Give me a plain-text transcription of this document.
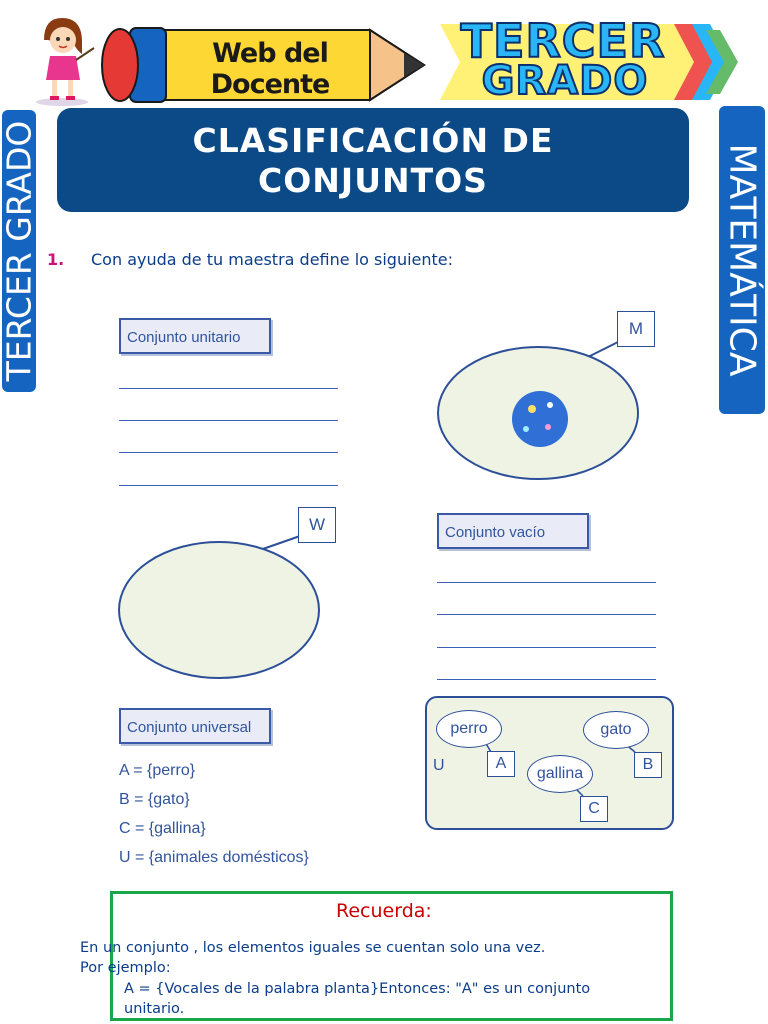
Web del Docente
TERCER
GRADO
TERCER GRADO	MATEMÁTICA
CLASIFICACIÓN DE
CONJUNTOS
1. Con ayuda de tu maestra define lo siguiente:
Conjunto unitario	M
W	Conjunto vacío
Conjunto universal
A = {perro}
B = {gato}
C = {gallina}
U = {animales domésticos}
U
perro
A
gato
B
gallina
C
Recuerda:
En un conjunto , los elementos iguales se cuentan solo una vez.
Por ejemplo:
A = {Vocales de la palabra planta}Entonces: "A" es un conjunto
unitario.
